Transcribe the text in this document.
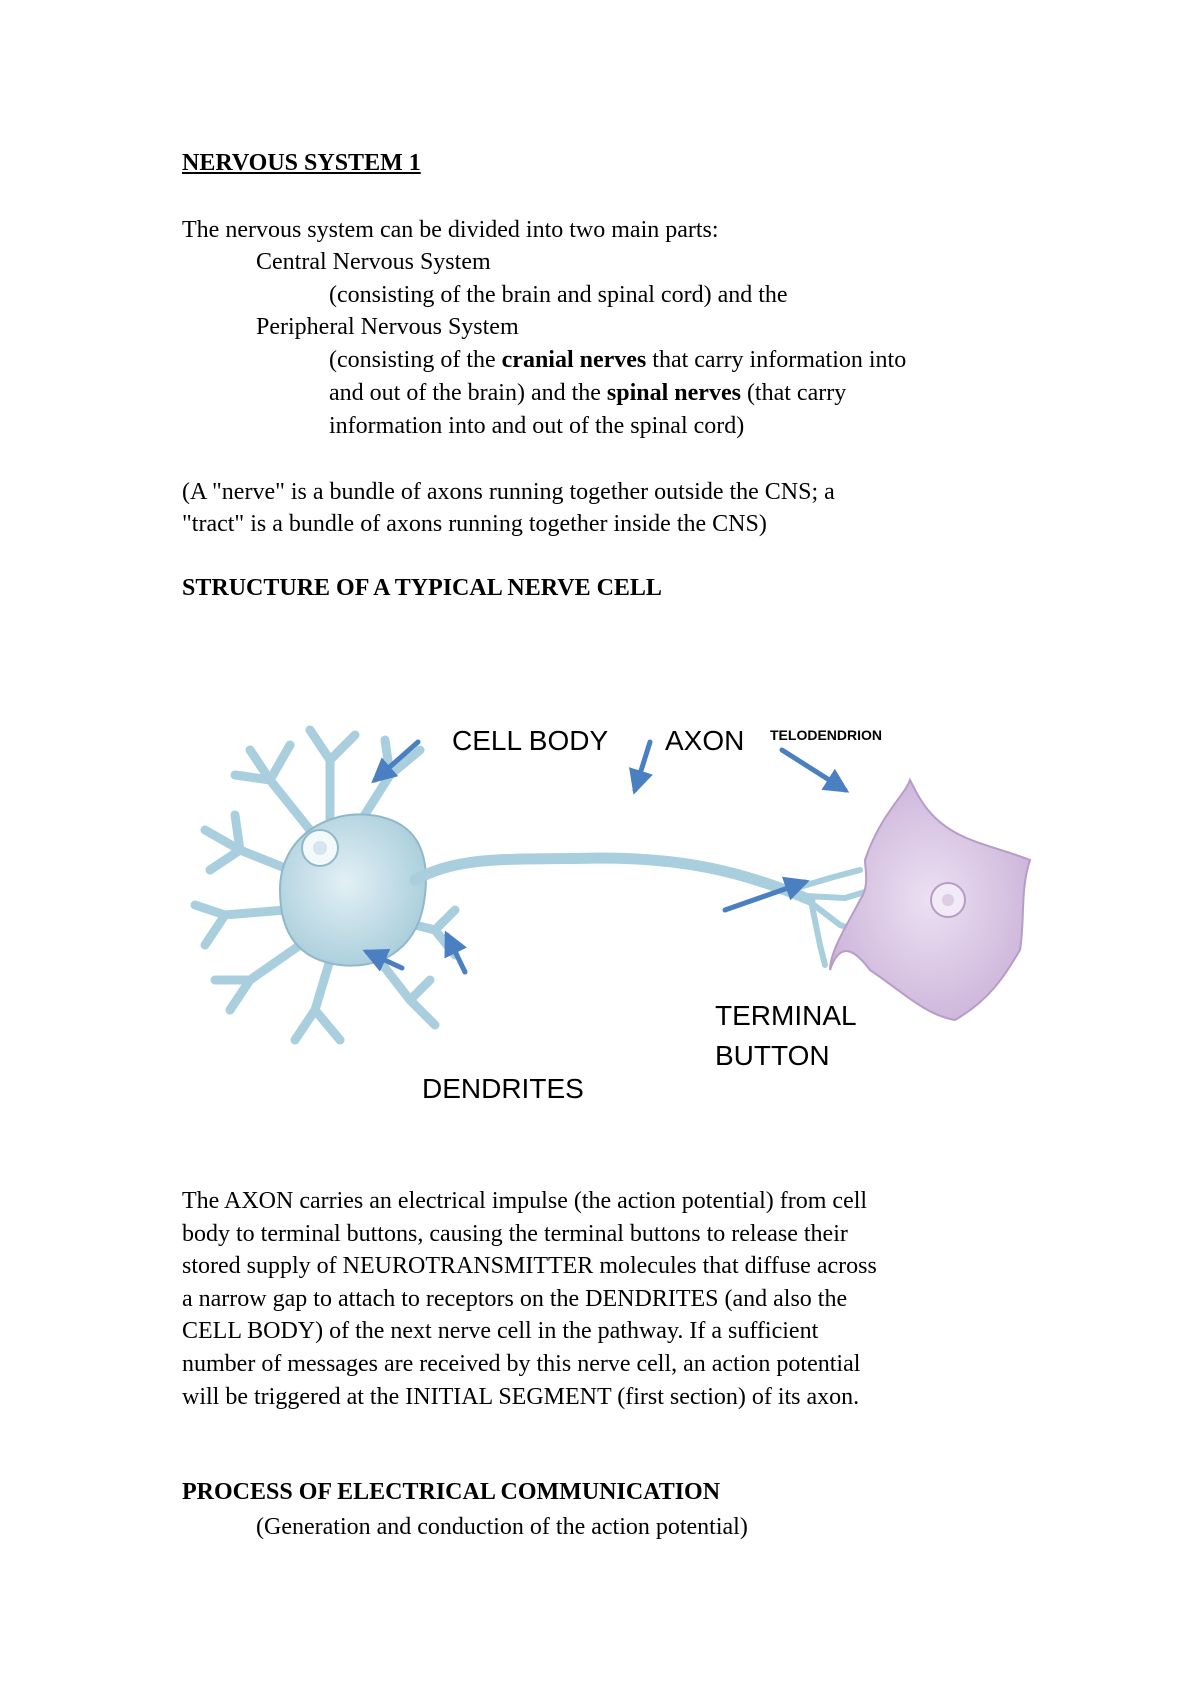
NERVOUS SYSTEM 1
The nervous system can be divided into two main parts:
Central Nervous System
(consisting of the brain and spinal cord) and the
Peripheral Nervous System
(consisting of the cranial nerves that carry information into
and out of the brain) and the spinal nerves (that carry
information into and out of the spinal cord)
(A "nerve" is a bundle of axons running together outside the CNS; a
"tract" is a bundle of axons running together inside the CNS)
STRUCTURE OF A TYPICAL NERVE CELL
CELL BODY AXON TELODENDRION
TERMINAL
BUTTON
DENDRITES
The AXON carries an electrical impulse (the action potential) from cell
body to terminal buttons, causing the terminal buttons to release their
stored supply of NEUROTRANSMITTER molecules that diffuse across
a narrow gap to attach to receptors on the DENDRITES (and also the
CELL BODY) of the next nerve cell in the pathway. If a sufficient
number of messages are received by this nerve cell, an action potential
will be triggered at the INITIAL SEGMENT (first section) of its axon.
PROCESS OF ELECTRICAL COMMUNICATION
(Generation and conduction of the action potential)
